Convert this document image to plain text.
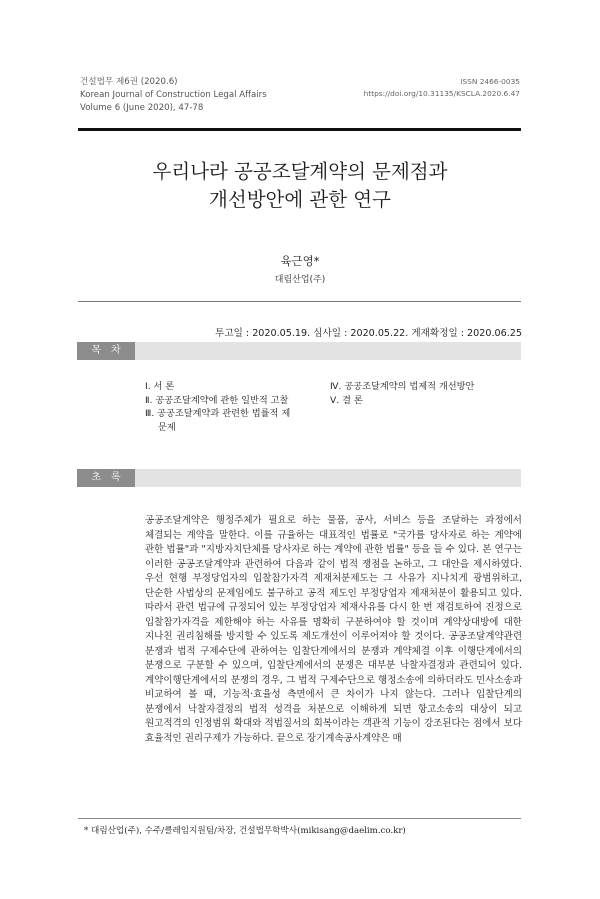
건설법무 제6권 (2020.6)
Korean Journal of Construction Legal Affairs
Volume 6 (June 2020), 47-78
ISSN 2466-0035
https://doi.org/10.31135/KSCLA.2020.6.47
우리나라 공공조달계약의 문제점과
개선방안에 관한 연구
육근영*
대림산업(주)
투고일 : 2020.05.19. 심사일 : 2020.05.22. 게재확정일 : 2020.06.25
목차
Ⅰ. 서 론
Ⅱ. 공공조달계약에 관한 일반적 고찰
Ⅲ. 공공조달계약과 관련한 법률적 제
문제
Ⅳ. 공공조달계약의 법제적 개선방안
Ⅴ. 결 론
초록
공공조달계약은 행정주체가 필요로 하는 물품, 공사, 서비스 등을 조달하는 과정에서 체결되는 계약을 말한다. 이를 규율하는 대표적인 법률로 "국가를 당사자로 하는 계약에 관한 법률"과 "지방자치단체를 당사자로 하는 계약에 관한 법률" 등을 들 수 있다. 본 연구는 이러한 공공조달계약과 관련하여 다음과 같이 법적 쟁점을 논하고, 그 대안을 제시하였다. 우선 현행 부정당업자의 입찰참가자격 제재처분제도는 그 사유가 지나치게 광범위하고, 단순한 사법상의 문제임에도 불구하고 공적 제도인 부정당업자 제재처분이 활용되고 있다. 따라서 관련 법규에 규정되어 있는 부정당업자 제재사유를 다시 한 번 재검토하여 진정으로 입찰참가자격을 제한해야 하는 사유를 명확히 구분하여야 할 것이며 계약상대방에 대한 지나친 권리침해를 방지할 수 있도록 제도개선이 이루어져야 할 것이다. 공공조달계약관련 분쟁과 법적 구제수단에 관하여는 입찰단계에서의 분쟁과 계약체결 이후 이행단계에서의 분쟁으로 구분할 수 있으며, 입찰단계에서의 분쟁은 대부분 낙찰자결정과 관련되어 있다. 계약이행단계에서의 분쟁의 경우, 그 법적 구제수단으로 행정소송에 의하더라도 민사소송과 비교하여 볼 때, 기능적·효율성 측면에서 큰 차이가 나지 않는다. 그러나 입찰단계의 분쟁에서 낙찰자결정의 법적 성격을 처분으로 이해하게 되면 항고소송의 대상이 되고 원고적격의 인정범위 확대와 적법질서의 회복이라는 객관적 기능이 강조된다는 점에서 보다 효율적인 권리구제가 가능하다. 끝으로 장기계속공사계약은 매
* 대림산업(주), 수주/클레임지원팀/차장, 건설법무학박사(mikisang@daelim.co.kr)
